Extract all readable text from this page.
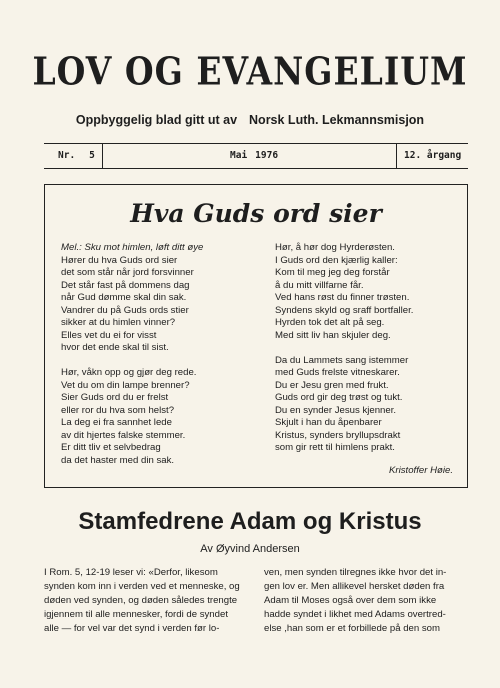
LOV OG EVANGELIUM
Oppbyggelig blad gitt ut av Norsk Luth. Lekmannsmisjon
Nr. 5	Mai 1976	12. årgang
Hva Guds ord sier
Mel.: Sku mot himlen, løft ditt øye
Hører du hva Guds ord sier
det som står når jord forsvinner
Det står fast på dommens dag
når Gud dømme skal din sak.
Vandrer du på Guds ords stier
sikker at du himlen vinner?
Elles vet du ei for visst
hvor det ende skal til sist.
Hør, våkn opp og gjør deg rede.
Vet du om din lampe brenner?
Sier Guds ord du er frelst
eller ror du hva som helst?
La deg ei fra sannhet lede
av dit hjertes falske stemmer.
Er ditt tliv et selvbedrag
da det haster med din sak.
Hør, å hør dog Hyrderøsten.
I Guds ord den kjærlig kaller:
Kom til meg jeg deg forstår
å du mitt villfarne får.
Ved hans røst du finner trøsten.
Syndens skyld og sraff bortfaller.
Hyrden tok det alt på seg.
Med sitt liv han skjuler deg.
Da du Lammets sang istemmer
med Guds frelste vitneskarer.
Du er Jesu gren med frukt.
Guds ord gir deg trøst og tukt.
Du en synder Jesus kjenner.
Skjult i han du åpenbarer
Kristus, synders bryllupsdrakt
som gir rett til himlens prakt.
Kristoffer Høie.
Stamfedrene Adam og Kristus
Av Øyvind Andersen
I Rom. 5, 12-19 leser vi: «Derfor, likesom
synden kom inn i verden ved et menneske, og
døden ved synden, og døden således trengte
igjennem til alle mennesker, fordi de syndet
alle — for vel var det synd i verden før lo-
ven, men synden tilregnes ikke hvor det in-
gen lov er. Men allikevel hersket døden fra
Adam til Moses også over dem som ikke
hadde syndet i likhet med Adams overtred-
else ,han som er et forbillede på den som
